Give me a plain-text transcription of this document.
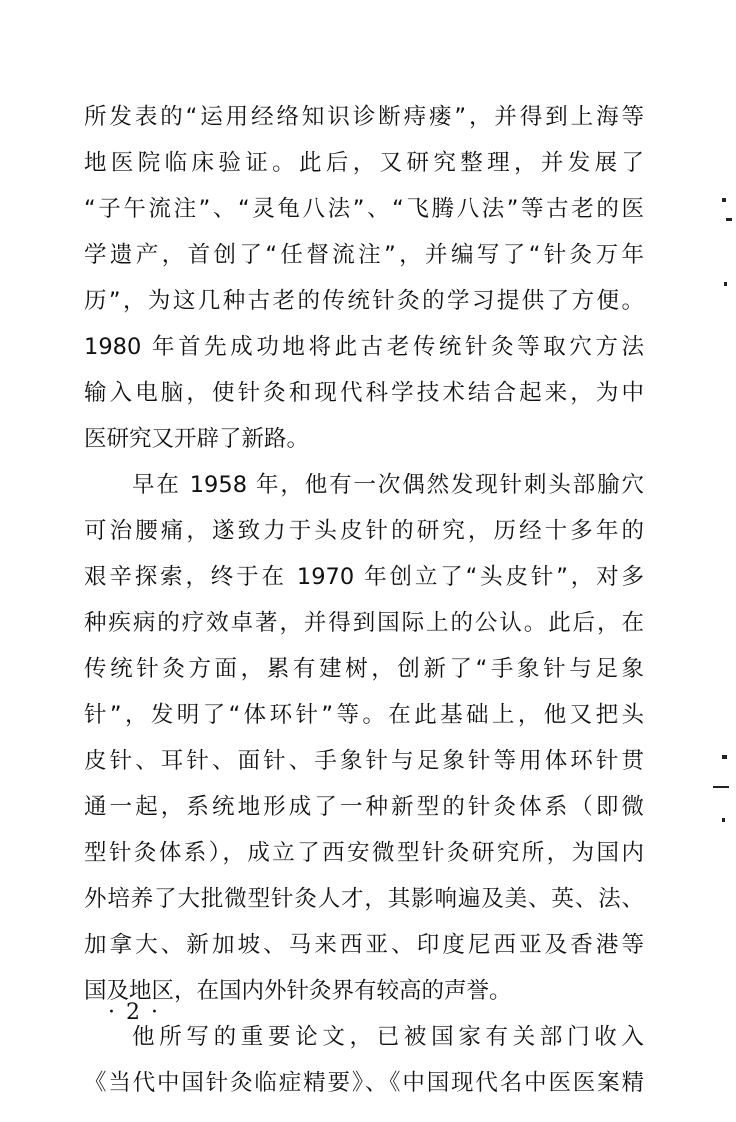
所发表的“运用经络知识诊断痔瘘”，并得到上海等
地医院临床验证。此后，又研究整理，并发展了
“子午流注”、“灵龟八法”、“飞腾八法”等古老的医
学遗产，首创了“任督流注”，并编写了“针灸万年
历”，为这几种古老的传统针灸的学习提供了方便。
1980 年首先成功地将此古老传统针灸等取穴方法
输入电脑，使针灸和现代科学技术结合起来，为中
医研究又开辟了新路。
早在 1958 年，他有一次偶然发现针刺头部腧穴
可治腰痛，遂致力于头皮针的研究，历经十多年的
艰辛探索，终于在 1970 年创立了“头皮针”，对多
种疾病的疗效卓著，并得到国际上的公认。此后，在
传统针灸方面，累有建树，创新了“手象针与足象
针”，发明了“体环针”等。在此基础上，他又把头
皮针、耳针、面针、手象针与足象针等用体环针贯
通一起，系统地形成了一种新型的针灸体系（即微
型针灸体系），成立了西安微型针灸研究所，为国内
外培养了大批微型针灸人才，其影响遍及美、英、法、
加拿大、新加坡、马来西亚、印度尼西亚及香港等
国及地区，在国内外针灸界有较高的声誉。
他所写的重要论文，已被国家有关部门收入
《当代中国针灸临症精要》、《中国现代名中医医案精
· 2 ·
